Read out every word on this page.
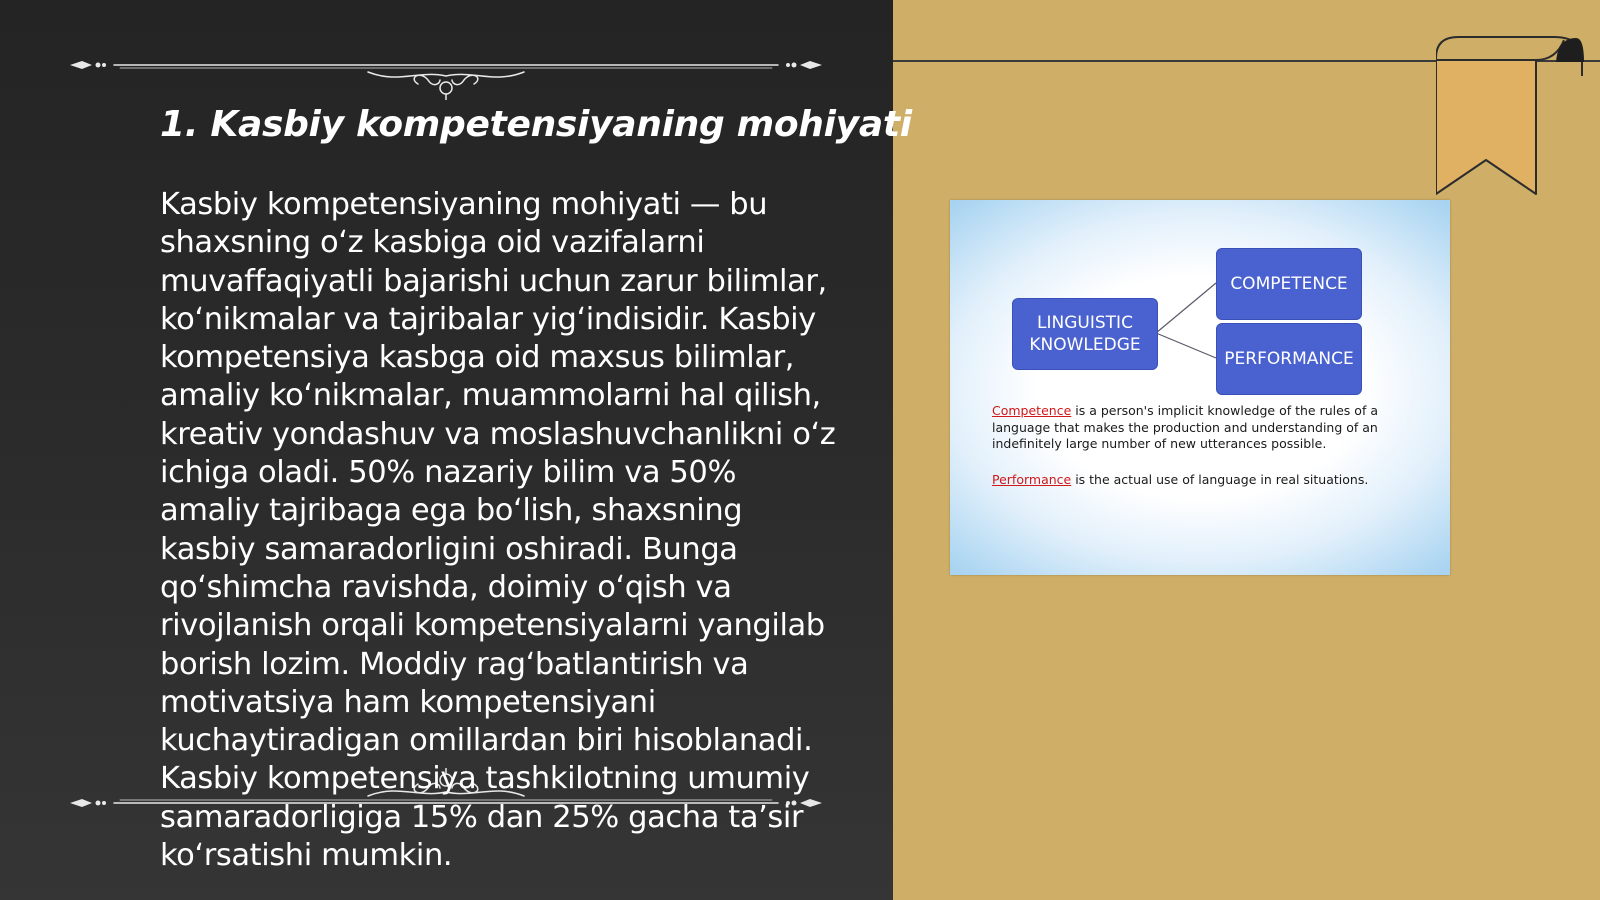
1. Kasbiy kompetensiyaning mohiyati

Kasbiy kompetensiyaning mohiyati — bu shaxsning oʻz kasbiga oid vazifalarni muvaffaqiyatli bajarishi uchun zarur bilimlar, koʻnikmalar va tajribalar yigʻindisidir. Kasbiy kompetensiya kasbga oid maxsus bilimlar, amaliy koʻnikmalar, muammolarni hal qilish, kreativ yondashuv va moslashuvchanlikni oʻz ichiga oladi. 50% nazariy bilim va 50% amaliy tajribaga ega boʻlish, shaxsning kasbiy samaradorligini oshiradi. Bunga qoʻshimcha ravishda, doimiy oʻqish va rivojlanish orqali kompetensiyalarni yangilab borish lozim. Moddiy ragʻbatlantirish va motivatsiya ham kompetensiyani kuchaytiradigan omillardan biri hisoblanadi. Kasbiy kompetensiya tashkilotning umumiy samaradorligiga 15% dan 25% gacha taʼsir koʻrsatishi mumkin.

LINGUISTIC
KNOWLEDGE
COMPETENCE
PERFORMANCE

Competence is a person's implicit knowledge of the rules of a language that makes the production and understanding of an indefinitely large number of new utterances possible.

Performance is the actual use of language in real situations.
